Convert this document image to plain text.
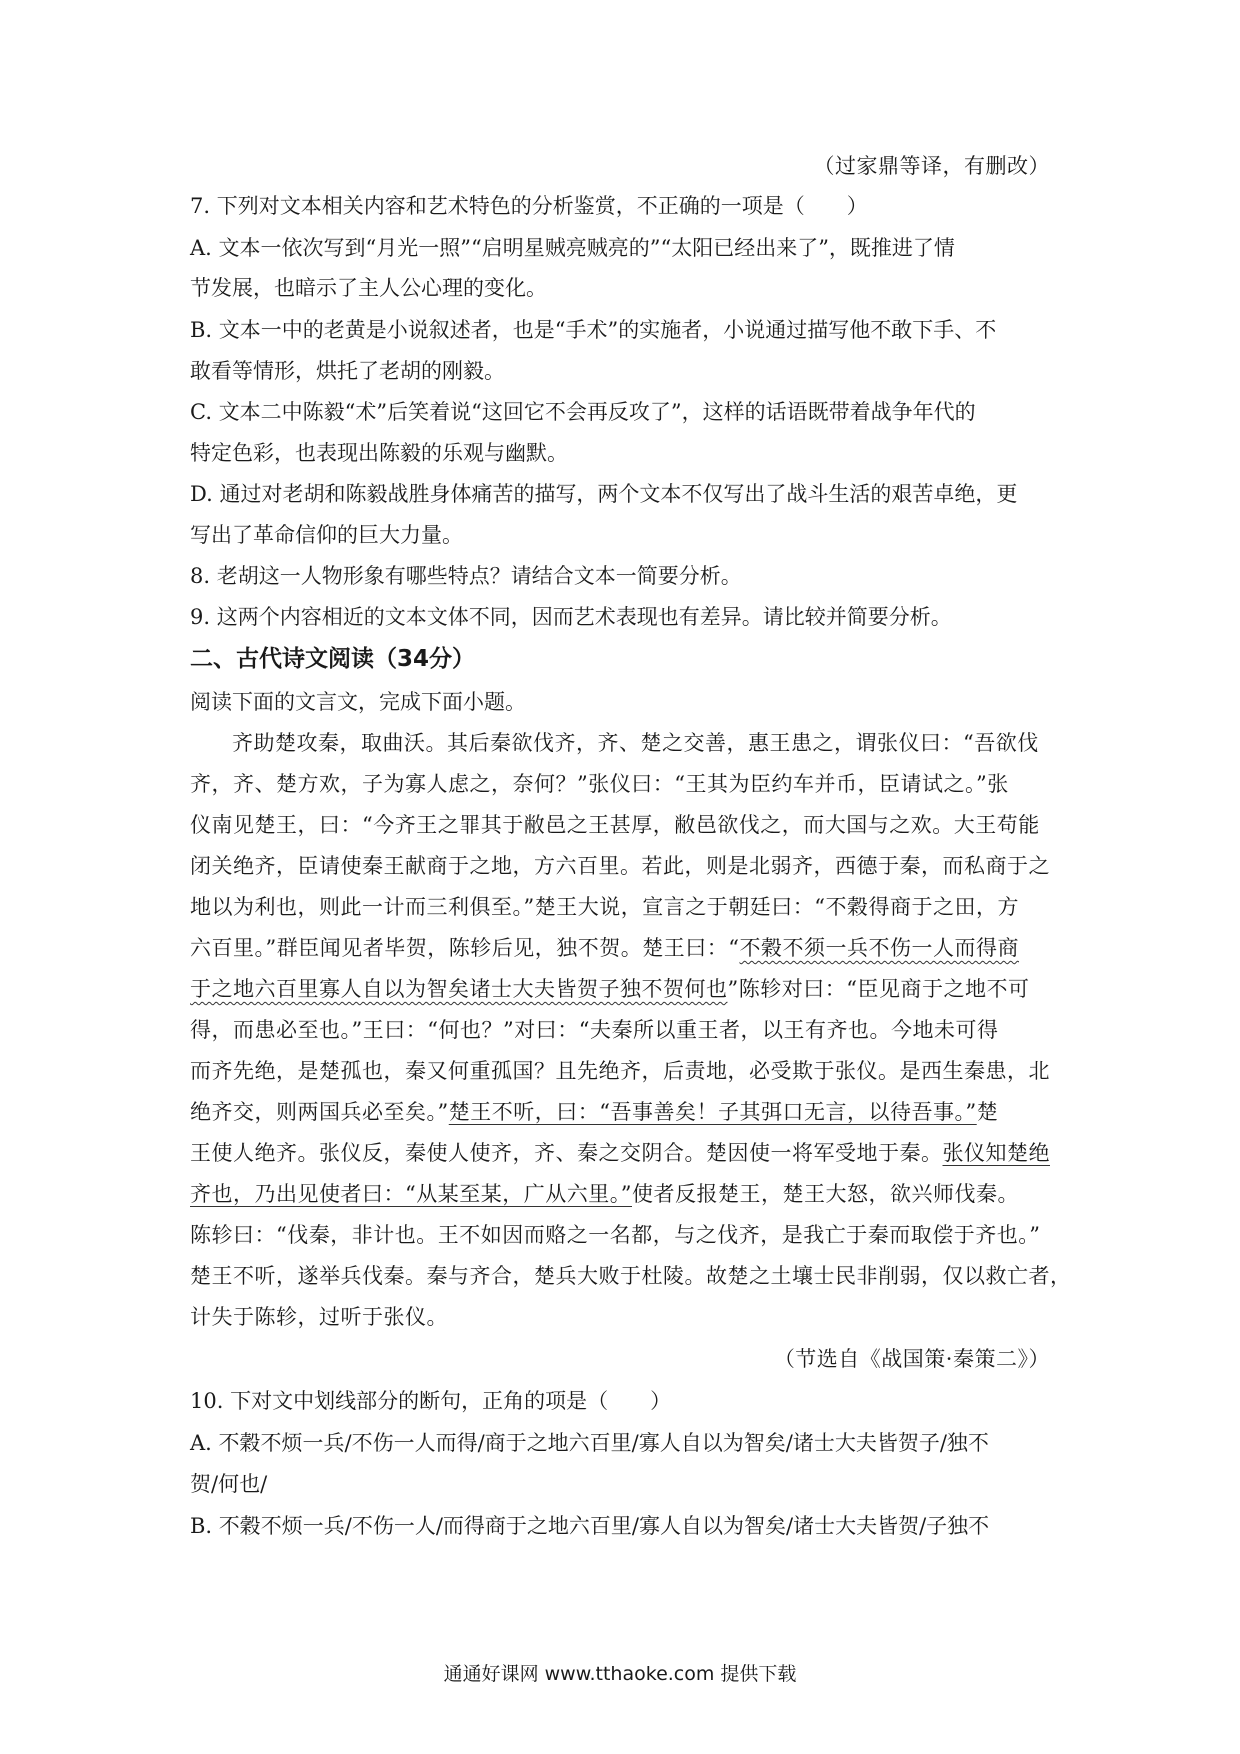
（过家鼎等译，有删改）
7. 下列对文本相关内容和艺术特色的分析鉴赏，不正确的一项是（　　）
A. 文本一依次写到“月光一照”“启明星贼亮贼亮的”“太阳已经出来了”，既推进了情
节发展，也暗示了主人公心理的变化。
B. 文本一中的老黄是小说叙述者，也是“手术”的实施者，小说通过描写他不敢下手、不
敢看等情形，烘托了老胡的刚毅。
C. 文本二中陈毅“术”后笑着说“这回它不会再反攻了”，这样的话语既带着战争年代的
特定色彩，也表现出陈毅的乐观与幽默。
D. 通过对老胡和陈毅战胜身体痛苦的描写，两个文本不仅写出了战斗生活的艰苦卓绝，更
写出了革命信仰的巨大力量。
8. 老胡这一人物形象有哪些特点？请结合文本一简要分析。
9. 这两个内容相近的文本文体不同，因而艺术表现也有差异。请比较并简要分析。
二、古代诗文阅读（34分）
阅读下面的文言文，完成下面小题。
齐助楚攻秦，取曲沃。其后秦欲伐齐，齐、楚之交善，惠王患之，谓张仪曰：“吾欲伐
齐，齐、楚方欢，子为寡人虑之，奈何？”张仪曰：“王其为臣约车并币，臣请试之。”张
仪南见楚王，曰：“今齐王之罪其于敝邑之王甚厚，敝邑欲伐之，而大国与之欢。大王苟能
闭关绝齐，臣请使秦王献商于之地，方六百里。若此，则是北弱齐，西德于秦，而私商于之
地以为利也，则此一计而三利俱至。”楚王大说，宣言之于朝廷曰：“不穀得商于之田，方
六百里。”群臣闻见者毕贺，陈轸后见，独不贺。楚王曰：“不穀不须一兵不伤一人而得商
于之地六百里寡人自以为智矣诸士大夫皆贺子独不贺何也”陈轸对曰：“臣见商于之地不可
得，而患必至也。”王曰：“何也？”对曰：“夫秦所以重王者，以王有齐也。今地未可得
而齐先绝，是楚孤也，秦又何重孤国？且先绝齐，后责地，必受欺于张仪。是西生秦患，北
绝齐交，则两国兵必至矣。”楚王不听，曰：“吾事善矣！子其弭口无言，以待吾事。”楚
王使人绝齐。张仪反，秦使人使齐，齐、秦之交阴合。楚因使一将军受地于秦。张仪知楚绝
齐也，乃出见使者曰：“从某至某，广从六里。”使者反报楚王，楚王大怒，欲兴师伐秦。
陈轸曰：“伐秦，非计也。王不如因而赂之一名都，与之伐齐，是我亡于秦而取偿于齐也。”
楚王不听，遂举兵伐秦。秦与齐合，楚兵大败于杜陵。故楚之土壤士民非削弱，仅以救亡者，
计失于陈轸，过听于张仪。
（节选自《战国策·秦策二》）
10. 下对文中划线部分的断句，正角的项是（　　）
A. 不穀不烦一兵/不伤一人而得/商于之地六百里/寡人自以为智矣/诸士大夫皆贺子/独不
贺/何也/
B. 不穀不烦一兵/不伤一人/而得商于之地六百里/寡人自以为智矣/诸士大夫皆贺/子独不
通通好课网 www.tthaoke.com 提供下载
